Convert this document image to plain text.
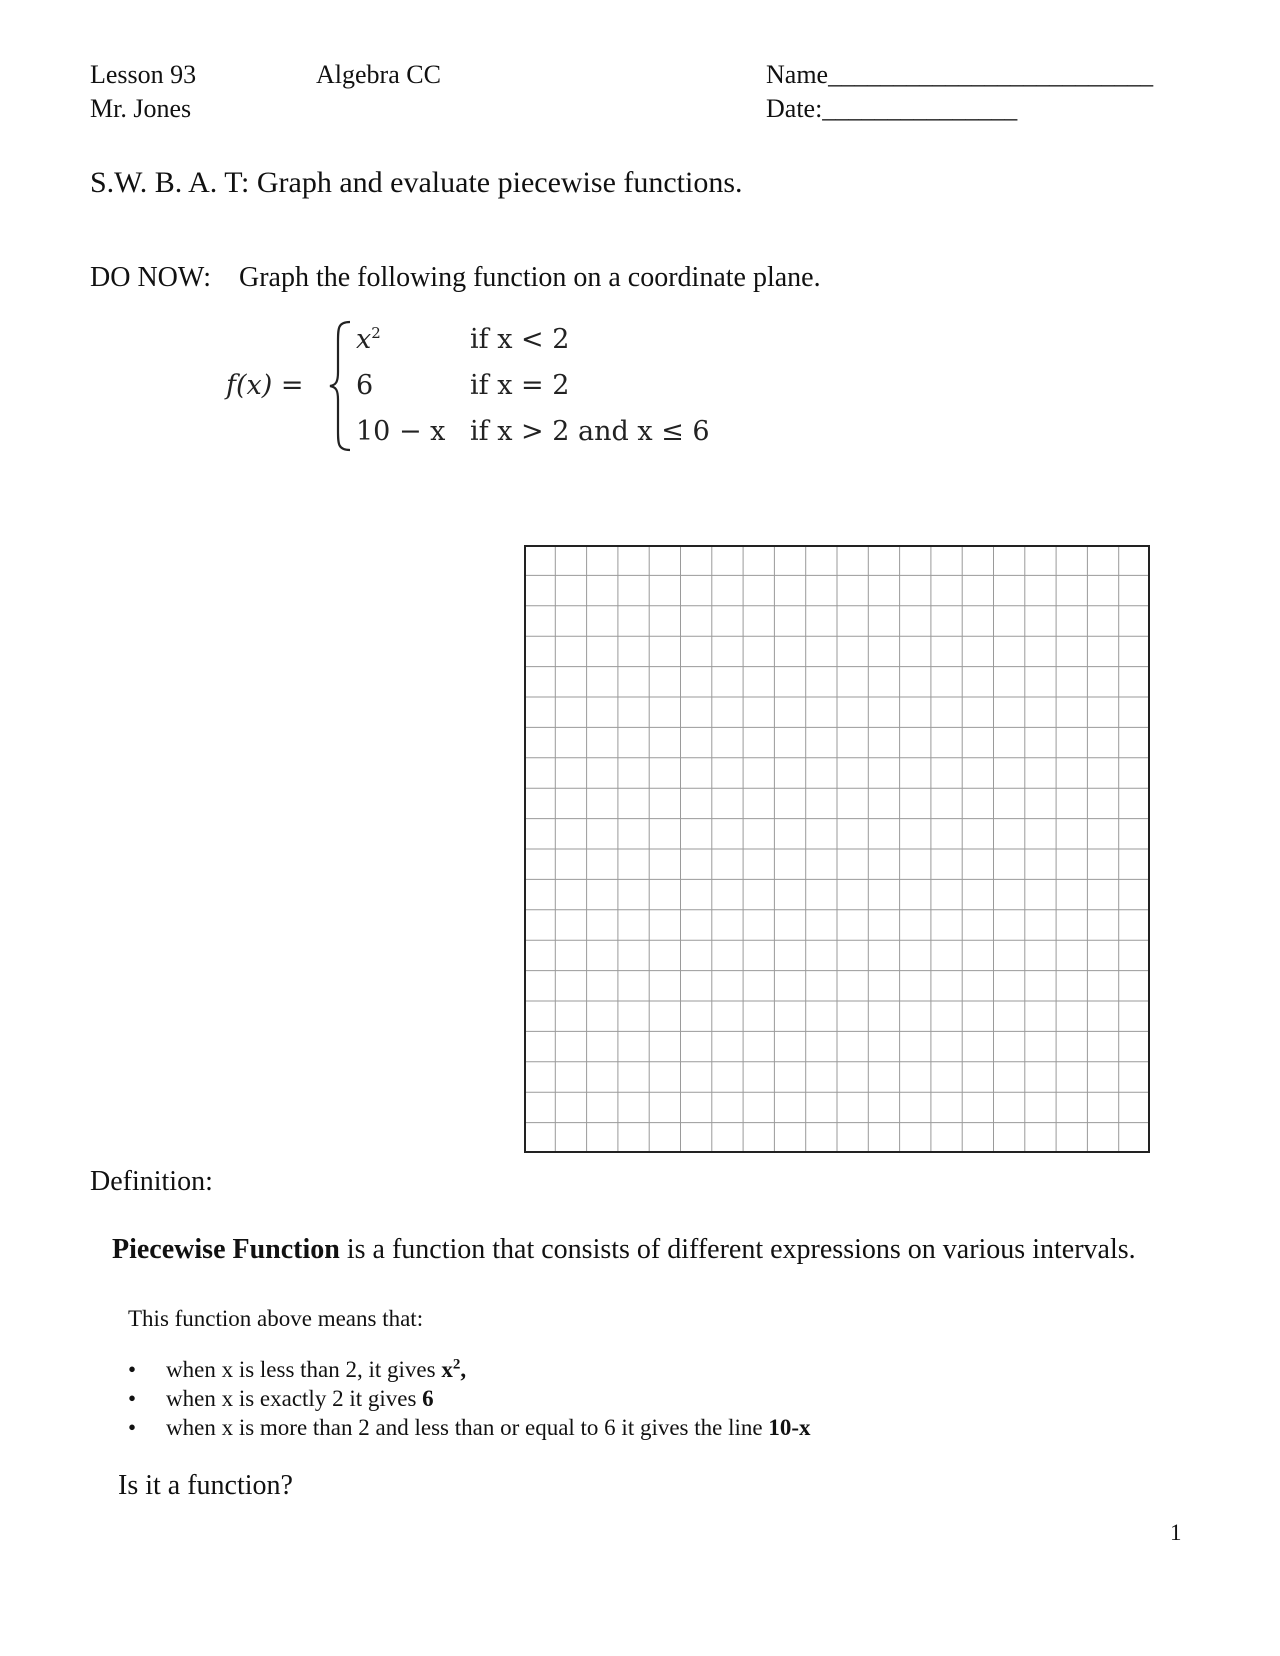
Lesson 93
Mr. Jones
Algebra CC	Name_________________________
Date:_______________
S.W. B. A. T: Graph and evaluate piecewise functions.
DO NOW: Graph the following function on a coordinate plane.
f(x) =
$x^2$	if x < 2
6	if x = 2
10 − x if x > 2 and x ≤ 6
Definition:
Piecewise Function is a function that consists of different expressions on various intervals.
This function above means that:
• when x is less than 2, it gives $x^2$,
• when x is exactly 2 it gives 6
• when x is more than 2 and less than or equal to 6 it gives the line 10-x
Is it a function?
1
